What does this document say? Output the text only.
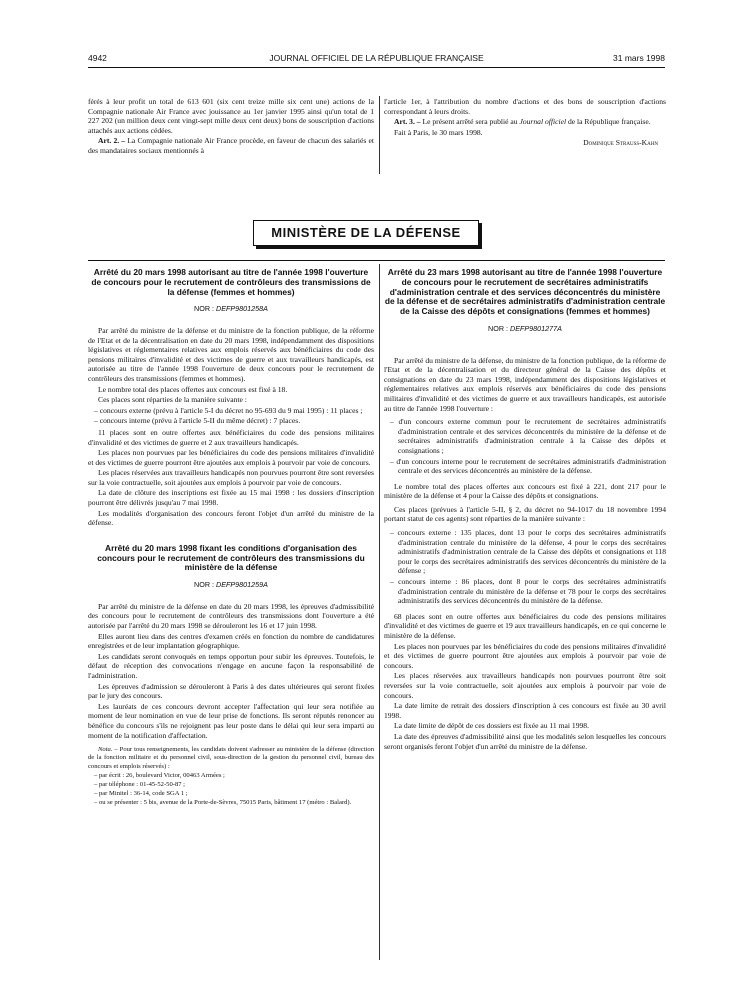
4942	JOURNAL OFFICIEL DE LA RÉPUBLIQUE FRANÇAISE	31 mars 1998

férés à leur profit un total de 613 601 (six cent treize mille six cent une) actions de la Compagnie nationale Air France avec jouissance au 1er janvier 1995 ainsi qu'un total de 1 227 202 (un million deux cent vingt-sept mille deux cent deux) bons de souscription d'actions attachés aux actions cédées.

Art. 2. – La Compagnie nationale Air France procède, en faveur de chacun des salariés et des mandataires sociaux mentionnés à

l'article 1er, à l'attribution du nombre d'actions et des bons de souscription d'actions correspondant à leurs droits.

Art. 3. – Le présent arrêté sera publié au Journal officiel de la République française.

Fait à Paris, le 30 mars 1998.

Dominique Strauss-Kahn

MINISTÈRE DE LA DÉFENSE
Arrêté du 20 mars 1998 autorisant au titre de l'année 1998 l'ouverture de concours pour le recrutement de contrôleurs des transmissions de la défense (femmes et hommes)
NOR : DEFP9801258A

Par arrêté du ministre de la défense et du ministre de la fonction publique, de la réforme de l'Etat et de la décentralisation en date du 20 mars 1998, indépendamment des dispositions législatives et réglementaires relatives aux emplois réservés aux bénéficiaires du code des pensions militaires d'invalidité et des victimes de guerre et aux travailleurs handicapés, est autorisée au titre de l'année 1998 l'ouverture de deux concours pour le recrutement de contrôleurs des transmissions (femmes et hommes).

Le nombre total des places offertes aux concours est fixé à 18.

Ces places sont réparties de la manière suivante :

– concours externe (prévu à l'article 5-I du décret no 95-693 du 9 mai 1995) : 11 places ;
– concours interne (prévu à l'article 5-II du même décret) : 7 places.

11 places sont en outre offertes aux bénéficiaires du code des pensions militaires d'invalidité et des victimes de guerre et 2 aux travailleurs handicapés.

Les places non pourvues par les bénéficiaires du code des pensions militaires d'invalidité et des victimes de guerre pourront être ajoutées aux emplois à pourvoir par voie de concours.

Les places réservées aux travailleurs handicapés non pourvues pourront être sont reversées sur la voie contractuelle, soit ajoutées aux emplois à pourvoir par voie de concours.

La date de clôture des inscriptions est fixée au 15 mai 1998 : les dossiers d'inscription pourront être délivrés jusqu'au 7 mai 1998.

Les modalités d'organisation des concours feront l'objet d'un arrêté du ministre de la défense.

Arrêté du 20 mars 1998 fixant les conditions d'organisation des concours pour le recrutement de contrôleurs des transmissions du ministère de la défense
NOR : DEFP9801259A

Par arrêté du ministre de la défense en date du 20 mars 1998, les épreuves d'admissibilité des concours pour le recrutement de contrôleurs des transmissions dont l'ouverture a été autorisée par l'arrêté du 20 mars 1998 se dérouleront les 16 et 17 juin 1998.

Elles auront lieu dans des centres d'examen créés en fonction du nombre de candidatures enregistrées et de leur implantation géographique.

Les candidats seront convoqués en temps opportun pour subir les épreuves. Toutefois, le défaut de réception des convocations n'engage en aucune façon la responsabilité de l'administration.

Les épreuves d'admission se dérouleront à Paris à des dates ultérieures qui seront fixées par le jury des concours.

Les lauréats de ces concours devront accepter l'affectation qui leur sera notifiée au moment de leur nomination en vue de leur prise de fonctions. Ils seront réputés renoncer au bénéfice du concours s'ils ne rejoignent pas leur poste dans le délai qui leur sera imparti au moment de la notification d'affectation.

Nota. – Pour tous renseignements, les candidats doivent s'adresser au ministère de la défense (direction de la fonction militaire et du personnel civil, sous-direction de la gestion du personnel civil, bureau des concours et emplois réservés) :

– par écrit : 26, boulevard Victor, 00463 Armées ;
– par téléphone : 01-45-52-50-87 ;
– par Minitel : 36-14, code SGA 1 ;
– ou se présenter : 5 bis, avenue de la Porte-de-Sèvres, 75015 Paris, bâtiment 17 (métro : Balard).
Arrêté du 23 mars 1998 autorisant au titre de l'année 1998 l'ouverture de concours pour le recrutement de secrétaires administratifs d'administration centrale et des services déconcentrés du ministère de la défense et de secrétaires administratifs d'administration centrale de la Caisse des dépôts et consignations (femmes et hommes)
NOR : DEFP9801277A

Par arrêté du ministre de la défense, du ministre de la fonction publique, de la réforme de l'Etat et de la décentralisation et du directeur général de la Caisse des dépôts et consignations en date du 23 mars 1998, indépendamment des dispositions législatives et réglementaires relatives aux emplois réservés aux bénéficiaires du code des pensions militaires d'invalidité et des victimes de guerre et aux travailleurs handicapés, est autorisée au titre de l'année 1998 l'ouverture :

– d'un concours externe commun pour le recrutement de secrétaires administratifs d'administration centrale et des services déconcentrés du ministère de la défense et de secrétaires administratifs d'administration centrale à la Caisse des dépôts et consignations ;
– d'un concours interne pour le recrutement de secrétaires administratifs d'administration centrale et des services déconcentrés au ministère de la défense.

Le nombre total des places offertes aux concours est fixé à 221, dont 217 pour le ministère de la défense et 4 pour la Caisse des dépôts et consignations.

Ces places (prévues à l'article 5-II, § 2, du décret no 94-1017 du 18 novembre 1994 portant statut de ces agents) sont réparties de la manière suivante :

– concours externe : 135 places, dont 13 pour le corps des secrétaires administratifs d'administration centrale du ministère de la défense, 4 pour le corps des secrétaires administratifs d'administration centrale de la Caisse des dépôts et consignations et 118 pour le corps des secrétaires administratifs des services déconcentrés du ministère de la défense ;
– concours interne : 86 places, dont 8 pour le corps des secrétaires administratifs d'administration centrale du ministère de la défense et 78 pour le corps des secrétaires administratifs des services déconcentrés du ministère de la défense.

68 places sont en outre offertes aux bénéficiaires du code des pensions militaires d'invalidité et des victimes de guerre et 19 aux travailleurs handicapés, en ce qui concerne le ministère de la défense.

Les places non pourvues par les bénéficiaires du code des pensions militaires d'invalidité et des victimes de guerre pourront être ajoutées aux emplois à pourvoir par voie de concours.

Les places réservées aux travailleurs handicapés non pourvues pourront être soit reversées sur la voie contractuelle, soit ajoutées aux emplois à pourvoir par voie de concours.

La date limite de retrait des dossiers d'inscription à ces concours est fixée au 30 avril 1998.

La date limite de dépôt de ces dossiers est fixée au 11 mai 1998.

La date des épreuves d'admissibilité ainsi que les modalités selon lesquelles les concours seront organisés feront l'objet d'un arrêté du ministre de la défense.
